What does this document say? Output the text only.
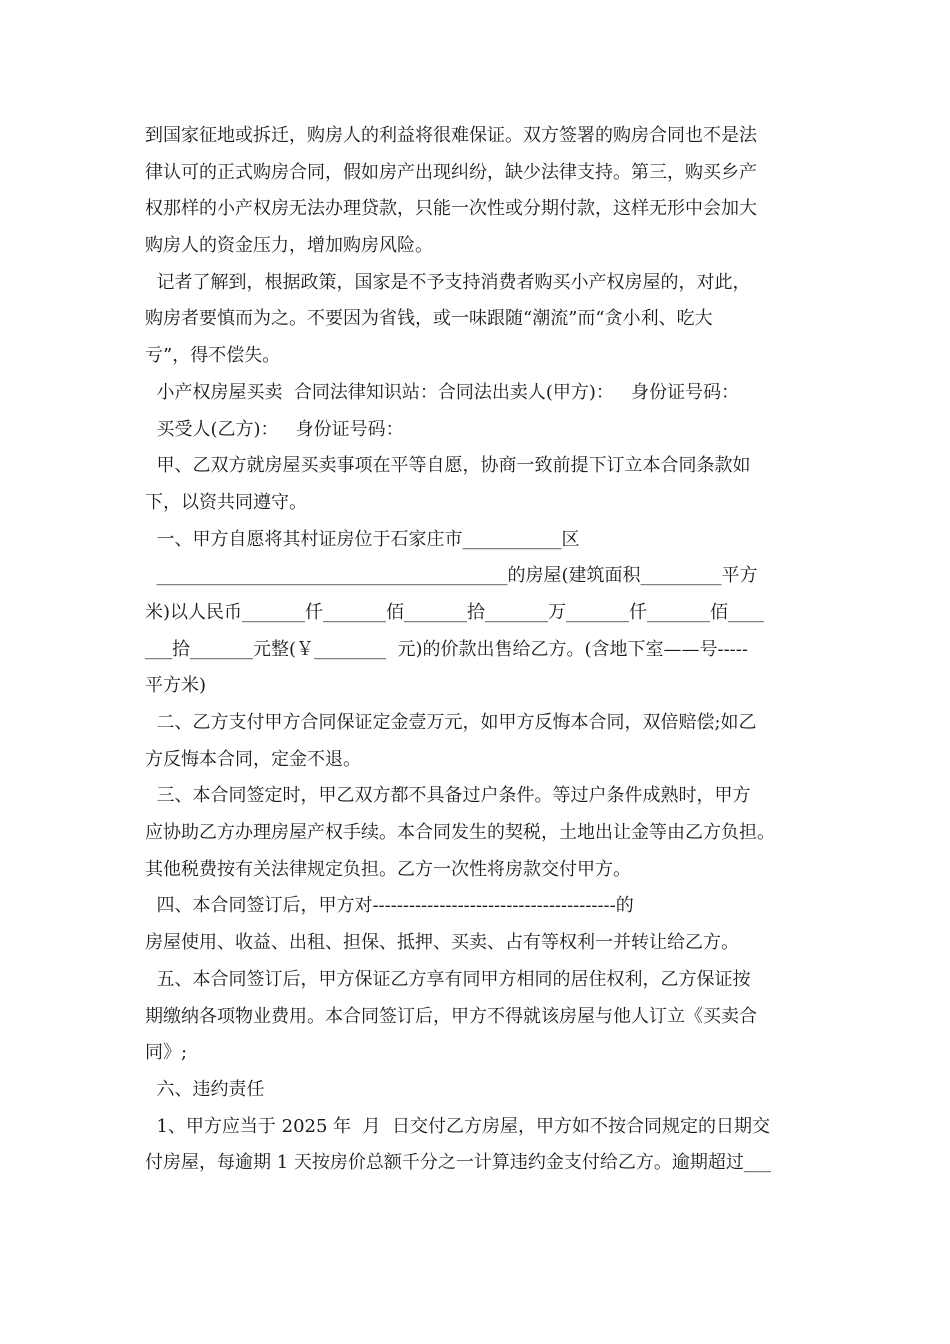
到国家征地或拆迁，购房人的利益将很难保证。双方签署的购房合同也不是法
律认可的正式购房合同，假如房产出现纠纷，缺少法律支持。第三，购买乡产
权那样的小产权房无法办理贷款，只能一次性或分期付款，这样无形中会加大
购房人的资金压力，增加购房风险。
记者了解到，根据政策，国家是不予支持消费者购买小产权房屋的，对此，
购房者要慎而为之。不要因为省钱，或一味跟随“潮流”而“贪小利、吃大
亏”，得不偿失。
小产权房屋买卖  合同法律知识站：合同法出卖人(甲方)：   身份证号码：
买受人(乙方)：   身份证号码：
甲、乙双方就房屋买卖事项在平等自愿，协商一致前提下订立本合同条款如
下，以资共同遵守。
一、甲方自愿将其村证房位于石家庄市___________区
_______________________________________的房屋(建筑面积_________平方
米)以人民币_______仟_______佰_______拾_______万_______仟_______佰____
___拾_______元整(￥________  元)的价款出售给乙方。(含地下室——号-----
平方米)
二、乙方支付甲方合同保证定金壹万元，如甲方反悔本合同，双倍赔偿;如乙
方反悔本合同，定金不退。
三、本合同签定时，甲乙双方都不具备过户条件。等过户条件成熟时，甲方
应协助乙方办理房屋产权手续。本合同发生的契税，土地出让金等由乙方负担。
其他税费按有关法律规定负担。乙方一次性将房款交付甲方。
四、本合同签订后，甲方对----------------------------------------的
房屋使用、收益、出租、担保、抵押、买卖、占有等权利一并转让给乙方。
五、本合同签订后，甲方保证乙方享有同甲方相同的居住权利，乙方保证按
期缴纳各项物业费用。本合同签订后，甲方不得就该房屋与他人订立《买卖合
同》;
六、违约责任
1、甲方应当于 2025 年  月  日交付乙方房屋，甲方如不按合同规定的日期交
付房屋，每逾期 1 天按房价总额千分之一计算违约金支付给乙方。逾期超过___
